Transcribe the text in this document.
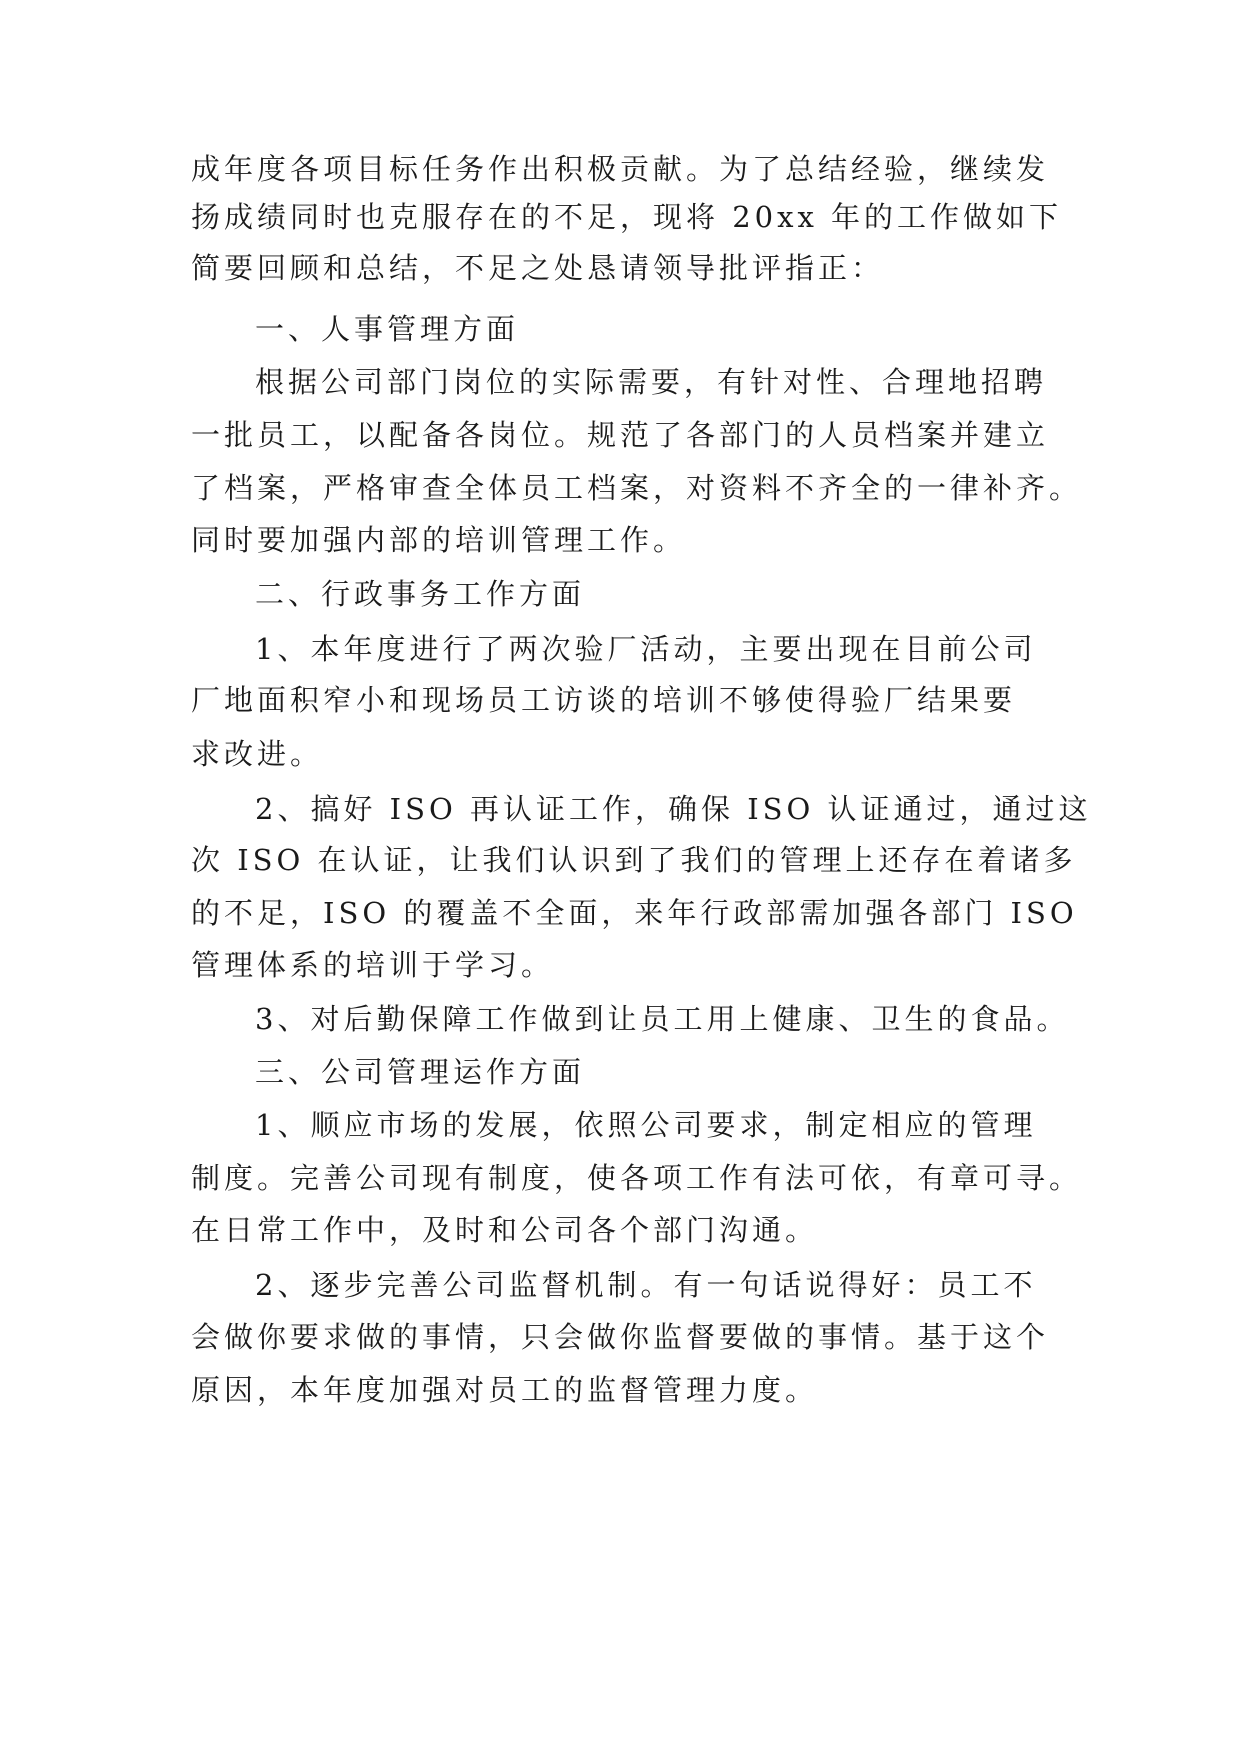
成年度各项目标任务作出积极贡献。为了总结经验，继续发
扬成绩同时也克服存在的不足，现将 20xx 年的工作做如下
简要回顾和总结，不足之处恳请领导批评指正：
一、人事管理方面
根据公司部门岗位的实际需要，有针对性、合理地招聘
一批员工，以配备各岗位。规范了各部门的人员档案并建立
了档案，严格审查全体员工档案，对资料不齐全的一律补齐。
同时要加强内部的培训管理工作。
二、行政事务工作方面
1、本年度进行了两次验厂活动，主要出现在目前公司
厂地面积窄小和现场员工访谈的培训不够使得验厂结果要
求改进。
2、搞好 ISO 再认证工作，确保 ISO 认证通过，通过这
次 ISO 在认证，让我们认识到了我们的管理上还存在着诸多
的不足，ISO 的覆盖不全面，来年行政部需加强各部门 ISO
管理体系的培训于学习。
3、对后勤保障工作做到让员工用上健康、卫生的食品。
三、公司管理运作方面
1、顺应市场的发展，依照公司要求，制定相应的管理
制度。完善公司现有制度，使各项工作有法可依，有章可寻。
在日常工作中，及时和公司各个部门沟通。
2、逐步完善公司监督机制。有一句话说得好：员工不
会做你要求做的事情，只会做你监督要做的事情。基于这个
原因，本年度加强对员工的监督管理力度。
